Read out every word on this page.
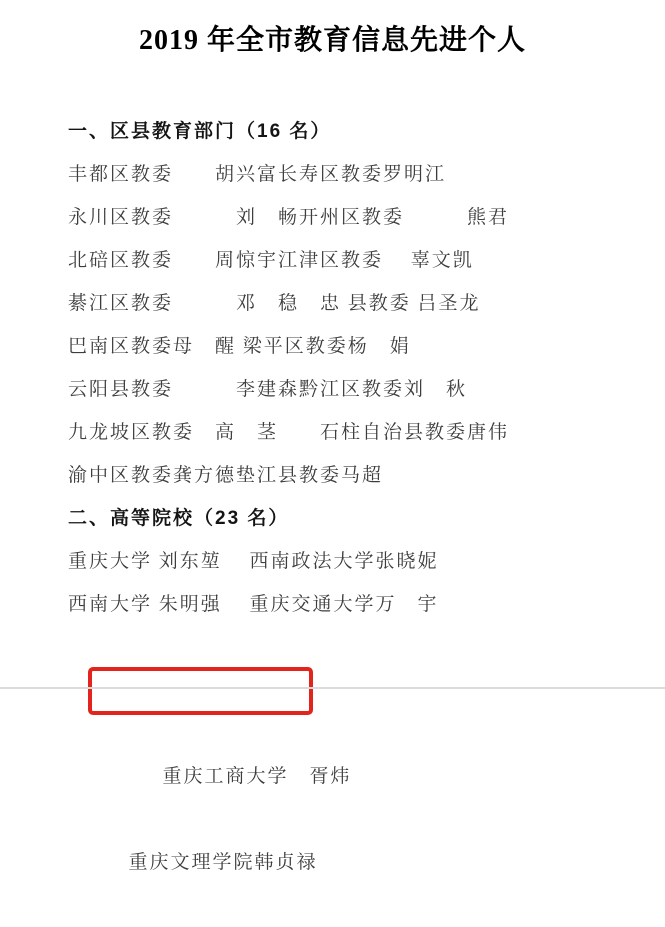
2019 年全市教育信息先进个人
一、区县教育部门（16 名）
丰都区教委　　胡兴富长寿区教委罗明江
永川区教委　　　刘　畅开州区教委　　　熊君
北碚区教委　　周惊宇江津区教委　 辜文凯
綦江区教委　　　邓　稳　忠 县教委 吕圣龙
巴南区教委母　醒 梁平区教委杨　娟
云阳县教委　　　李建森黔江区教委刘　秋
九龙坡区教委　高　茎　　石柱自治县教委唐伟
渝中区教委龚方德垫江县教委马超
二、高等院校（23 名）
重庆大学 刘东堃　 西南政法大学张晓妮
西南大学 朱明强　 重庆交通大学万　宇

重庆工商大学　胥炜

重庆文理学院韩贞禄
